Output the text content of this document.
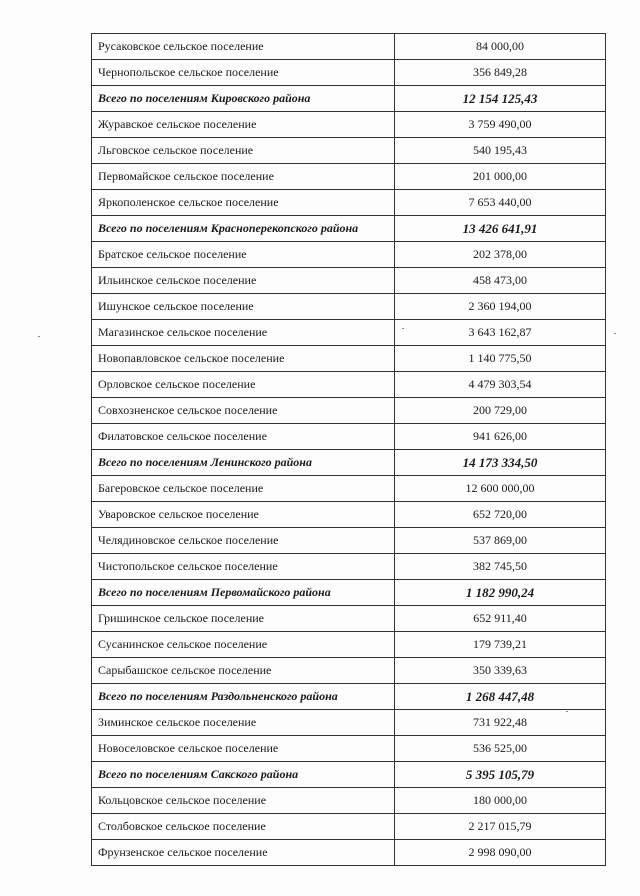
Русаковское сельское поселение	84 000,00
Чернопольское сельское поселение	356 849,28
Всего по поселениям Кировского района	12 154 125,43
Журавское сельское поселение	3 759 490,00
Льговское сельское поселение	540 195,43
Первомайское сельское поселение	201 000,00
Яркополенское сельское поселение	7 653 440,00
Всего по поселениям Красноперекопского района	13 426 641,91
Братское сельское поселение	202 378,00
Ильинское сельское поселение	458 473,00
Ишунское сельское поселение	2 360 194,00
Магазинское сельское поселение	3 643 162,87
Новопавловское сельское поселение	1 140 775,50
Орловское сельское поселение	4 479 303,54
Совхозненское сельское поселение	200 729,00
Филатовское сельское поселение	941 626,00
Всего по поселениям Ленинского района	14 173 334,50
Багеровское сельское поселение	12 600 000,00
Уваровское сельское поселение	652 720,00
Челядиновское сельское поселение	537 869,00
Чистопольское сельское поселение	382 745,50
Всего по поселениям Первомайского района	1 182 990,24
Гришинское сельское поселение	652 911,40
Сусанинское сельское поселение	179 739,21
Сарыбашское сельское поселение	350 339,63
Всего по поселениям Раздольненского района	1 268 447,48
Зиминское сельское поселение	731 922,48
Новоселовское сельское поселение	536 525,00
Всего по поселениям Сакского района	5 395 105,79
Кольцовское сельское поселение	180 000,00
Столбовское сельское поселение	2 217 015,79
Фрунзенское сельское поселение	2 998 090,00
